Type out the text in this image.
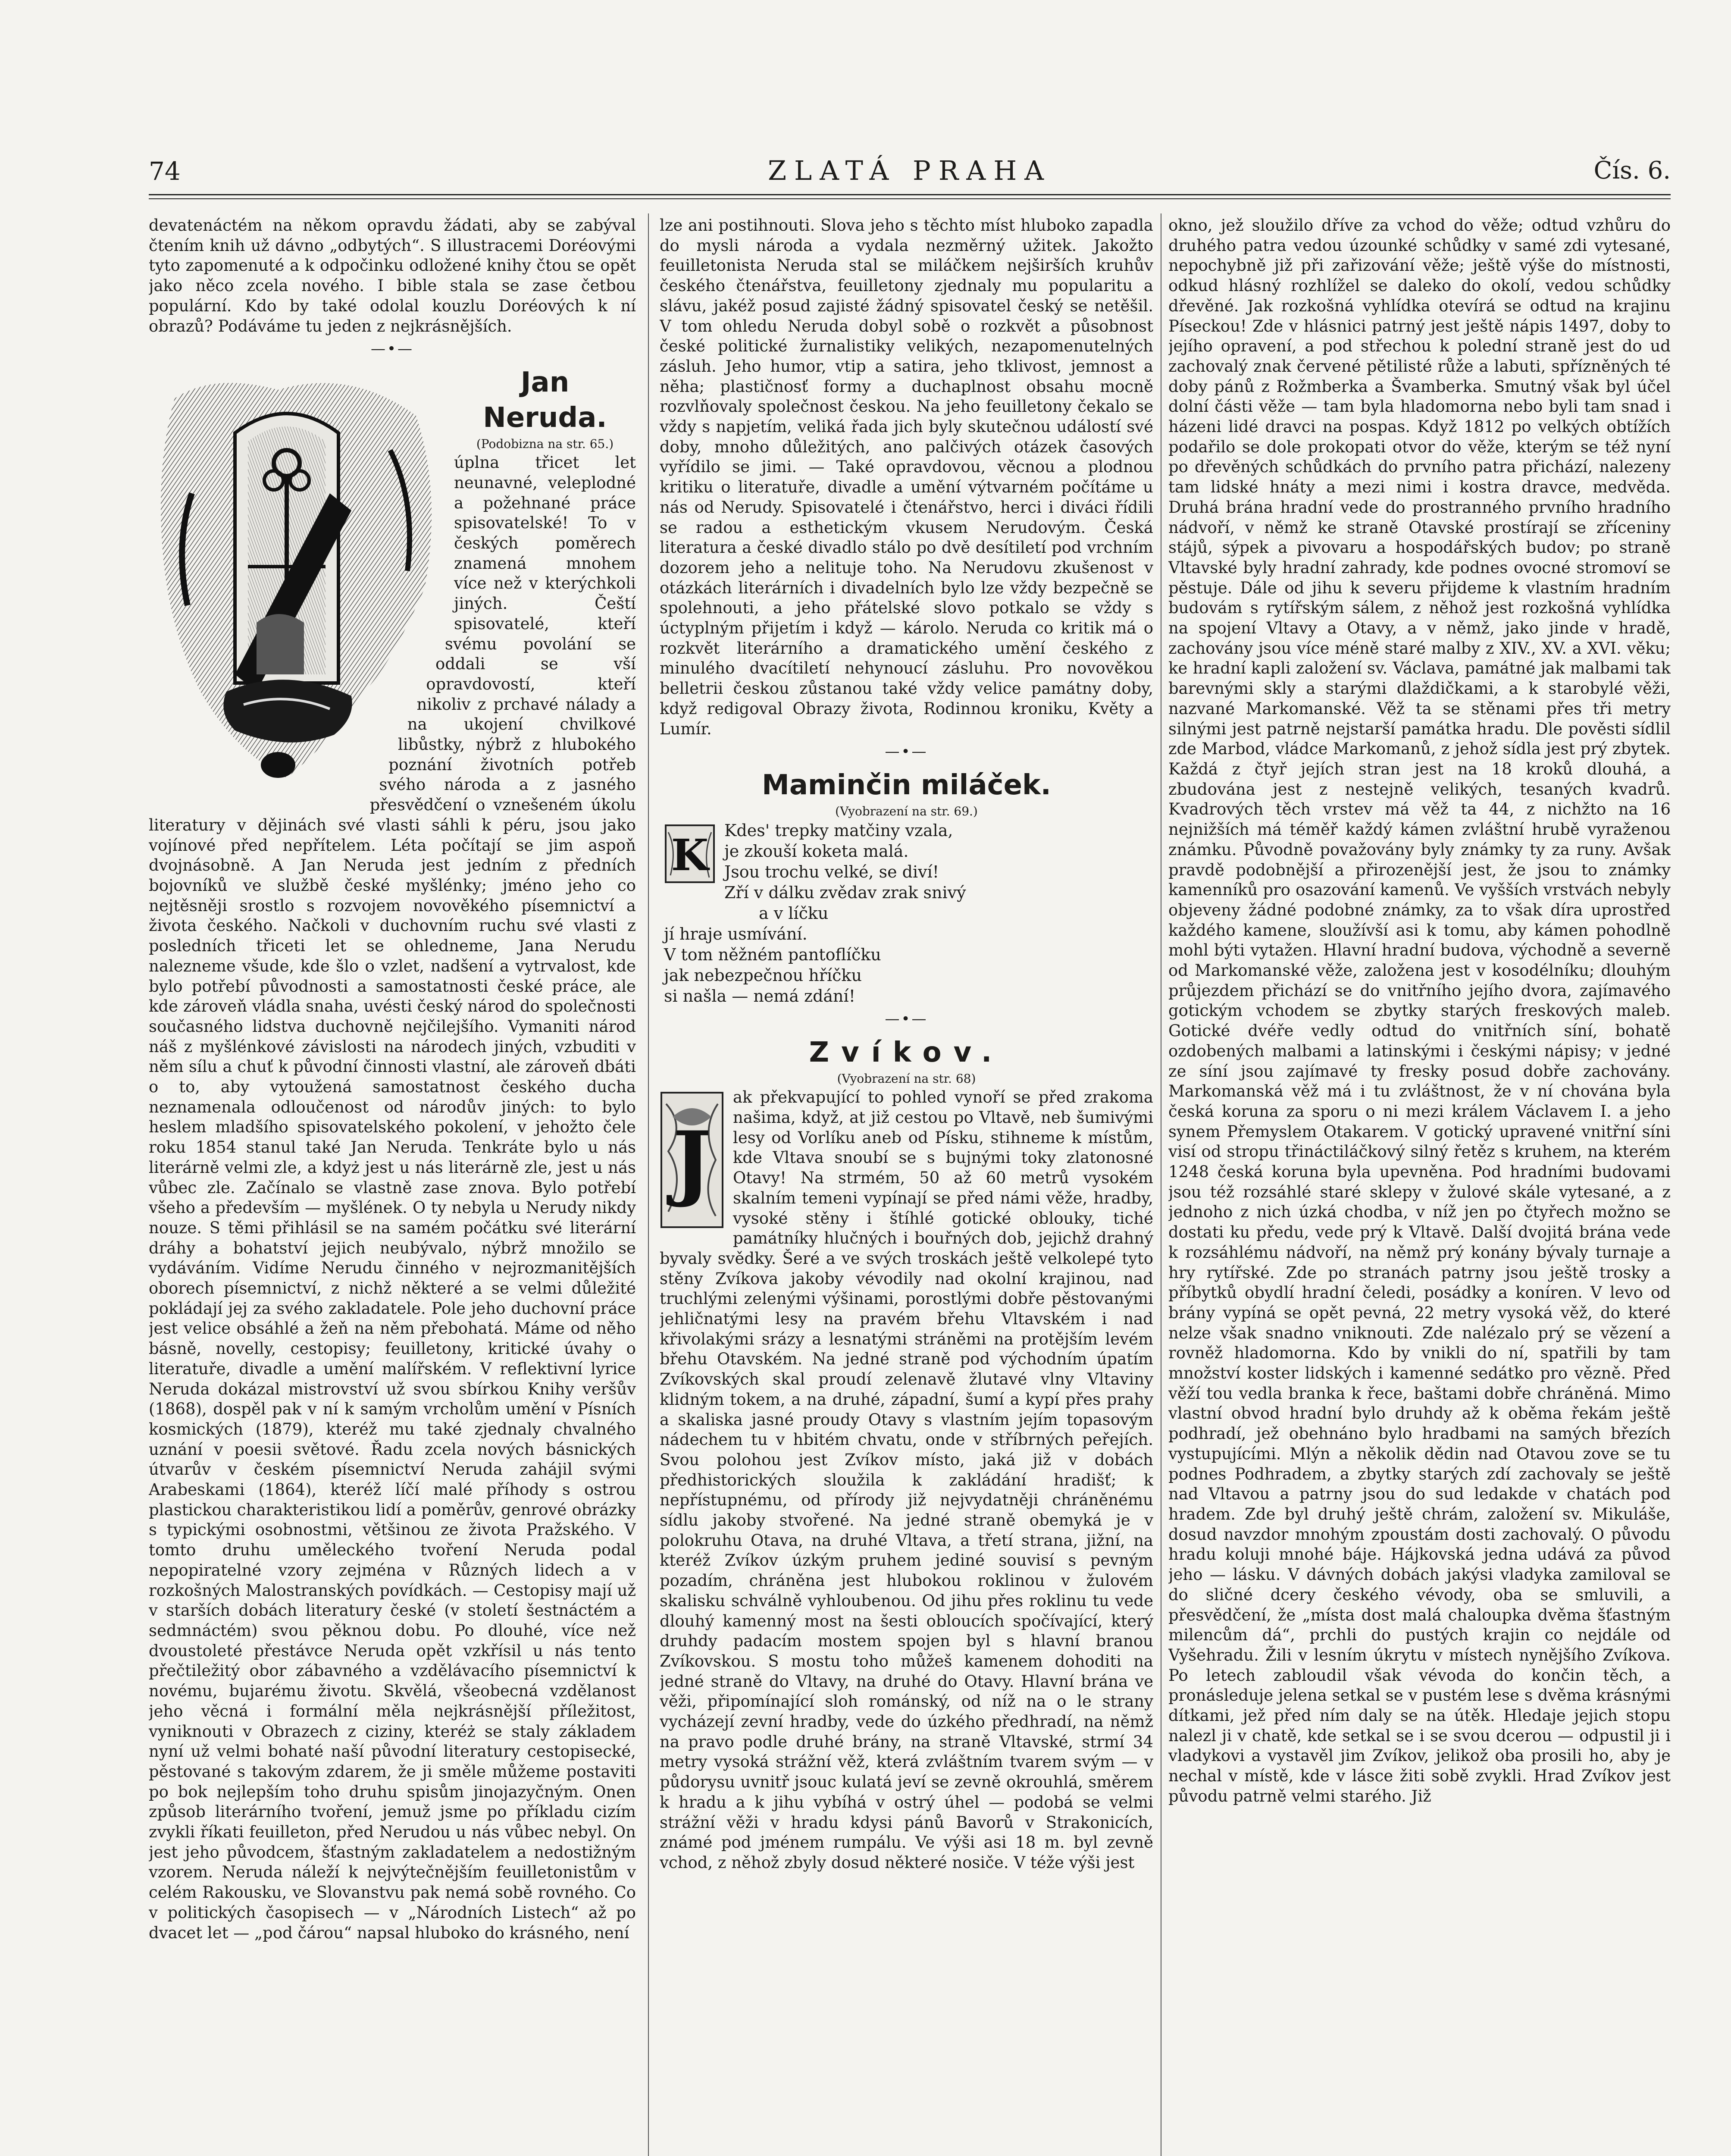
74	ZLATÁ PRAHA	Čís. 6.

devatenáctém na někom opravdu žádati, aby se zabýval čtením knih už dávno „odbytých“. S illustracemi Doréovými tyto zapomenuté a k odpočinku odložené knihy čtou se opět jako něco zcela nového. I bible stala se zase četbou populární. Kdo by také odolal kouzlu Doréových k ní obrazů? Podáváme tu jeden z nejkrásnějších.

—•—
Jan Neruda.
(Podobizna na str. 65.)

úplna třicet let neunavné, veleplodné a požehnané práce spisovatelské! To v českých poměrech znamená mnohem více než v kterýchkoli jiných. Čeští spisovatelé, kteří svému povolání se oddali se vší opravdovostí, kteří nikoliv z prchavé nálady a na ukojení chvilkové libůstky, nýbrž z hlubokého poznání životních potřeb svého národa a z jasného přesvědčení o vznešeném úkolu literatury v dějinách své vlasti sáhli k péru, jsou jako vojínové před nepřítelem. Léta počítají se jim aspoň dvojnásobně. A Jan Neruda jest jedním z předních bojovníků ve službě české myšlénky; jméno jeho co nejtěsněji srostlo s rozvojem novověkého písemnictví a života českého. Načkoli v duchovním ruchu své vlasti z posledních třiceti let se ohledneme, Jana Nerudu nalezneme všude, kde šlo o vzlet, nadšení a vytrvalost, kde bylo potřebí původnosti a samostatnosti české práce, ale kde zároveň vládla snaha, uvésti český národ do společnosti současného lidstva duchovně nejčilejšího. Vymaniti národ náš z myšlénkové závislosti na národech jiných, vzbuditi v něm sílu a chuť k původní činnosti vlastní, ale zároveň dbáti o to, aby vytoužená samostatnost českého ducha neznamenala odloučenost od národův jiných: to bylo heslem mladšího spisovatelského pokolení, v jehožto čele roku 1854 stanul také Jan Neruda. Tenkráte bylo u nás literárně velmi zle, a kdyż jest u nás literárně zle, jest u nás vůbec zle. Začínalo se vlastně zase znova. Bylo potřebí všeho a především — myšlének. O ty nebyla u Nerudy nikdy nouze. S těmi přihlásil se na samém počátku své literární dráhy a bohatství jejich neubývalo, nýbrž množilo se vydáváním. Vidíme Nerudu činného v nejrozmanitějších oborech písemnictví, z nichž některé a se velmi důležité pokládají jej za svého zakladatele. Pole jeho duchovní práce jest velice obsáhlé a žeň na něm přebohatá. Máme od něho básně, novelly, cestopisy; feuilletony, kritické úvahy o literatuře, divadle a umění malířském. V reflektivní lyrice Neruda dokázal mistrovství už svou sbírkou Knihy veršův (1868), dospěl pak v ní k samým vrcholům umění v Písních kosmických (1879), kteréž mu také zjednaly chvalného uznání v poesii světové. Řadu zcela nových básnických útvarův v českém písemnictví Neruda zahájil svými Arabeskami (1864), kteréž líčí malé příhody s ostrou plastickou charakteristikou lidí a poměrův, genrové obrázky s typickými osobnostmi, většinou ze života Pražského. V tomto druhu uměleckého tvoření Neruda podal nepopiratelné vzory zejména v Různých lidech a v rozkošných Malostranských povídkách. — Cestopisy mají už v starších dobách literatury české (v století šestnáctém a sedmnáctém) svou pěknou dobu. Po dlouhé, více než dvoustoleté přestávce Neruda opět vzkřísil u nás tento přečtiležitý obor zábavného a vzdělávacího písemnictví k novému, bujarému životu. Skvělá, všeobecná vzdělanost jeho věcná i formální měla nejkrásnější příležitost, vyniknouti v Obrazech z ciziny, kteréż se staly základem nyní už velmi bohaté naší původní literatury cestopisecké, pěstované s takovým zdarem, že ji směle můžeme postaviti po bok nejlepším toho druhu spisům jinojazyčným. Onen způsob literárního tvoření, jemuž jsme po příkladu cizím zvykli říkati feuilleton, před Nerudou u nás vůbec nebyl. On jest jeho původcem, šťastným zakladatelem a nedostižným vzorem. Neruda náleží k nejvýtečnějším feuilletonistům v celém Rakousku, ve Slovanstvu pak nemá sobě rovného. Co v politických časopisech — v „Národních Listech“ až po dvacet let — „pod čárou“ napsal hluboko do krásného, není

lze ani postihnouti. Slova jeho s těchto míst hluboko zapadla do mysli národa a vydala nezměrný užitek. Jakožto feuilletonista Neruda stal se miláčkem nejširších kruhův českého čtenářstva, feuilletony zjednaly mu popularitu a slávu, jakéž posud zajisté žádný spisovatel český se netěšil. V tom ohledu Neruda dobyl sobě o rozkvět a působnost české politické žurnalistiky velikých, nezapomenutelných zásluh. Jeho humor, vtip a satira, jeho tklivost, jemnost a něha; plastičnosť formy a duchaplnost obsahu mocně rozvlňovaly společnost českou. Na jeho feuilletony čekalo se vždy s napjetím, veliká řada jich byly skutečnou událostí své doby, mnoho důležitých, ano palčivých otázek časových vyřídilo se jimi. — Také opravdovou, věcnou a plodnou kritiku o literatuře, divadle a umění výtvarném počítáme u nás od Nerudy. Spisovatelé i čtenářstvo, herci i diváci řídili se radou a esthetickým vkusem Nerudovým. Česká literatura a české divadlo stálo po dvě desítiletí pod vrchním dozorem jeho a nelituje toho. Na Nerudovu zkušenost v otázkách literárních i divadelních bylo lze vždy bezpečně se spolehnouti, a jeho přátelské slovo potkalo se vždy s úctyplným přijetím i když — károlo. Neruda co kritik má o rozkvět literárního a dramatického umění českého z minulého dvacítiletí nehynoucí zásluhu. Pro novověkou belletrii českou zůstanou také vždy velice památny doby, když redigoval Obrazy života, Rodinnou kroniku, Květy a Lumír.

—•—
Maminčin miláček.
(Vyobrazení na str. 69.)
K Kdes' trepky matčiny vzala,
je zkouší koketa malá.
Jsou trochu velké, se diví!
Zří v dálku zvědav zrak snivý
a v líčku
jí hraje usmívání.
V tom něžném pantoflíčku
jak nebezpečnou hříčku
si našla — nemá zdání!
—•—
Zvíkov.
(Vyobrazení na str. 68)
J

ak překvapující to pohled vynoří se před zrakoma našima, když, at již cestou po Vltavě, neb šumivými lesy od Vorlíku aneb od Písku, stihneme k místům, kde Vltava snoubí se s bujnými toky zlatonosné Otavy! Na strmém, 50 až 60 metrů vysokém skalním temeni vypínají se před námi věže, hradby, vysoké stěny i štíhlé gotické oblouky, tiché památníky hlučných i bouřných dob, jejichž drahný byvaly svědky. Šeré a ve svých troskách ještě velkolepé tyto stěny Zvíkova jakoby vévodily nad okolní krajinou, nad truchlými zelenými výšinami, porostlými dobře pěstovanými jehličnatými lesy na pravém břehu Vltavském i nad křivolakými srázy a lesnatými stráněmi na protějším levém břehu Otavském. Na jedné straně pod východním úpatím Zvíkovských skal proudí zelenavě žlutavé vlny Vltaviny klidným tokem, a na druhé, západní, šumí a kypí přes prahy a skaliska jasné proudy Otavy s vlastním jejím topasovým nádechem tu v hbitém chvatu, onde v stříbrných peřejích. Svou polohou jest Zvíkov místo, jaká již v dobách předhistorických sloužila k zakládání hradišť; k nepřístupnému, od přírody již nejvydatněji chráněnému sídlu jakoby stvořené. Na jedné straně obemyká je v polokruhu Otava, na druhé Vltava, a třetí strana, jižní, na kteréž Zvíkov úzkým pruhem jediné souvisí s pevným pozadím, chráněna jest hlubokou roklinou v žulovém skalisku schválně vyhloubenou. Od jihu přes roklinu tu vede dlouhý kamenný most na šesti obloucích spočívající, který druhdy padacím mostem spojen byl s hlavní branou Zvíkovskou. S mostu toho můžeš kamenem dohoditi na jedné straně do Vltavy, na druhé do Otavy. Hlavní brána ve věži, připomínající sloh románský, od níž na o le strany vycházejí zevní hradby, vede do úzkého předhradí, na němž na pravo podle druhé brány, na straně Vltavské, strmí 34 metry vysoká strážní věž, která zvláštním tvarem svým — v půdorysu uvnitř jsouc kulatá jeví se zevně okrouhlá, směrem k hradu a k jihu vybíhá v ostrý úhel — podobá se velmi strážní věži v hradu kdysi pánů Bavorů v Strakonicích, známé pod jménem rumpálu. Ve výši asi 18 m. byl zevně vchod, z něhož zbyly dosud některé nosiče. V téže výši jest

okno, jež sloužilo dříve za vchod do věže; odtud vzhůru do druhého patra vedou úzounké schůdky v samé zdi vytesané, nepochybně již při zařizování věže; ještě výše do místnosti, odkud hlásný rozhlížel se daleko do okolí, vedou schůdky dřevěné. Jak rozkošná vyhlídka otevírá se odtud na krajinu Píseckou! Zde v hlásnici patrný jest ještě nápis 1497, doby to jejího opravení, a pod střechou k polední straně jest do ud zachovalý znak červené pětilisté růže a labuti, spřízněných té doby pánů z Rožmberka a Švamberka. Smutný však byl účel dolní části věže — tam byla hladomorna nebo byli tam snad i házeni lidé dravci na pospas. Když 1812 po velkých obtížích podařilo se dole prokopati otvor do věže, kterým se též nyní po dřevěných schůdkách do prvního patra přichází, nalezeny tam lidské hnáty a mezi nimi i kostra dravce, medvěda. Druhá brána hradní vede do prostranného prvního hradního nádvoří, v němž ke straně Otavské prostírají se zříceniny stájů, sýpek a pivovaru a hospodářských budov; po straně Vltavské byly hradní zahrady, kde podnes ovocné stromoví se pěstuje. Dále od jihu k severu přijdeme k vlastním hradním budovám s rytířským sálem, z něhož jest rozkošná vyhlídka na spojení Vltavy a Otavy, a v němž, jako jinde v hradě, zachovány jsou více méně staré malby z XIV., XV. a XVI. věku; ke hradní kapli založení sv. Václava, památné jak malbami tak barevnými skly a starými dlaždičkami, a k starobylé věži, nazvané Markomanské. Věž ta se stěnami přes tři metry silnými jest patrně nejstarší památka hradu. Dle pověsti sídlil zde Marbod, vládce Markomanů, z jehož sídla jest prý zbytek. Každá z čtyř jejích stran jest na 18 kroků dlouhá, a zbudována jest z nestejně velikých, tesaných kvadrů. Kvadrových těch vrstev má věž ta 44, z nichžto na 16 nejnižších má téměř každý kámen zvláštní hrubě vyraženou známku. Původně považovány byly známky ty za runy. Avšak pravdě podobnější a přirozenější jest, že jsou to známky kamenníků pro osazování kamenů. Ve vyšších vrstvách nebyly objeveny žádné podobné známky, za to však díra uprostřed každého kamene, sloužívší asi k tomu, aby kámen pohodlně mohl býti vytažen. Hlavní hradní budova, východně a severně od Markomanské věže, založena jest v kosodélníku; dlouhým průjezdem přichází se do vnitřního jejího dvora, zajímavého gotickým vchodem se zbytky starých freskových maleb. Gotické dvéře vedly odtud do vnitřních síní, bohatě ozdobených malbami a latinskými i českými nápisy; v jedné ze síní jsou zajímavé ty fresky posud dobře zachovány. Markomanská věž má i tu zvláštnost, že v ní chována byla česká koruna za sporu o ni mezi králem Václavem I. a jeho synem Přemyslem Otakarem. V gotický upravené vnitřní síni visí od stropu třináctiláčkový silný řetěz s kruhem, na kterém 1248 česká koruna byla upevněna. Pod hradními budovami jsou též rozsáhlé staré sklepy v žulové skále vytesané, a z jednoho z nich úzká chodba, v níž jen po čtyřech možno se dostati ku předu, vede prý k Vltavě. Další dvojitá brána vede k rozsáhlému nádvoří, na němž prý konány bývaly turnaje a hry rytířské. Zde po stranách patrny jsou ještě trosky a příbytků obydlí hradní čeledi, posádky a koníren. V levo od brány vypíná se opět pevná, 22 metry vysoká věž, do které nelze však snadno vniknouti. Zde nalézalo prý se vězení a rovněž hladomorna. Kdo by vnikli do ní, spatřili by tam množství koster lidských i kamenné sedátko pro vězně. Před věží tou vedla branka k řece, baštami dobře chráněná. Mimo vlastní obvod hradní bylo druhdy až k oběma řekám ještě podhradí, jež obehnáno bylo hradbami na samých březích vystupujícími. Mlýn a několik dědin nad Otavou zove se tu podnes Podhradem, a zbytky starých zdí zachovaly se ještě nad Vltavou a patrny jsou do sud ledakde v chatách pod hradem. Zde byl druhý ještě chrám, založení sv. Mikuláše, dosud navzdor mnohým zpoustám dosti zachovalý. O původu hradu koluji mnohé báje. Hájkovská jedna udává za původ jeho — lásku. V dávných dobách jakýsi vladyka zamiloval se do sličné dcery českého vévody, oba se smluvili, a přesvědčení, že „místa dost malá chaloupka dvěma šťastným milencům dá“, prchli do pustých krajin co nejdále od Vyšehradu. Žili v lesním úkrytu v místech nynějšího Zvíkova. Po letech zabloudil však vévoda do končin těch, a pronásleduje jelena setkal se v pustém lese s dvěma krásnými dítkami, jež před ním daly se na útěk. Hledaje jejich stopu nalezl ji v chatě, kde setkal se i se svou dcerou — odpustil ji i vladykovi a vystavěl jim Zvíkov, jelikož oba prosili ho, aby je nechal v místě, kde v lásce žiti sobě zvykli. Hrad Zvíkov jest původu patrně velmi starého. Již
